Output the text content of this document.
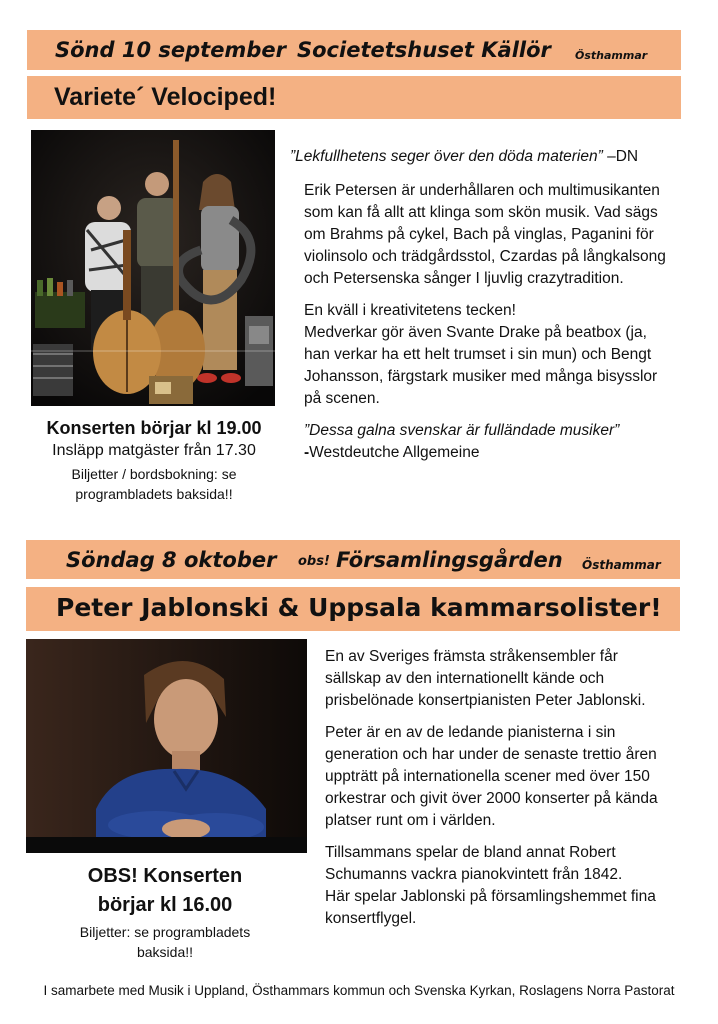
Sönd 10 september Societetshuset Källör Östhammar
Variete´ Velociped!
”Lekfullhetens seger över den döda materien” –DN

Erik Petersen är underhållaren och multimusikanten som kan få allt att klinga som skön musik. Vad sägs om Brahms på cykel, Bach på vinglas, Paganini för violinsolo och trädgårdsstol, Czardas på långkalsong och Petersenska sånger I ljuvlig crazytradition.

En kväll i kreativitetens tecken!
Medverkar gör även Svante Drake på beatbox (ja, han verkar ha ett helt trumset i sin mun) och Bengt Johansson, färgstark musiker med många bisysslor på scenen.
”Dessa galna svenskar är fulländade musiker”
-Westdeutche Allgemeine
Konserten börjar kl 19.00
Insläpp matgäster från 17.30
Biljetter / bordsbokning: se programbladets baksida!!
Söndag 8 oktober obs! Församlingsgården Östhammar
Peter Jablonski & Uppsala kammarsolister!

En av Sveriges främsta stråkensembler får sällskap av den internationellt kände och prisbelönade konsertpianisten Peter Jablonski.

Peter är en av de ledande pianisterna i sin generation och har under de senaste trettio åren uppträtt på internationella scener med över 150 orkestrar och givit över 2000 konserter på kända platser runt om i världen.

Tillsammans spelar de bland annat Robert Schumanns vackra pianokvintett från 1842.
Här spelar Jablonski på församlingshemmet fina konsertflygel.
OBS! Konserten
börjar kl 16.00
Biljetter: se programbladets baksida!!
I samarbete med Musik i Uppland, Östhammars kommun och Svenska Kyrkan, Roslagens Norra Pastorat
